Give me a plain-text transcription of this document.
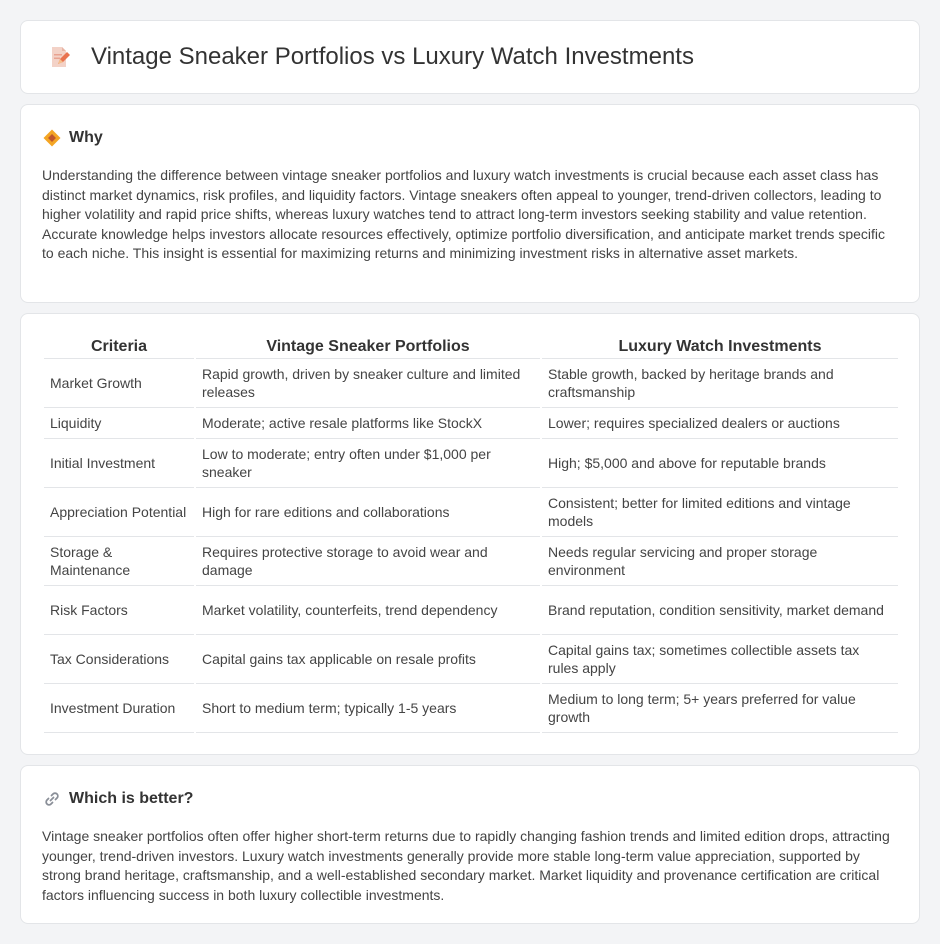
Vintage Sneaker Portfolios vs Luxury Watch Investments
Why

Understanding the difference between vintage sneaker portfolios and luxury watch investments is crucial because each asset class has distinct market dynamics, risk profiles, and liquidity factors. Vintage sneakers often appeal to younger, trend-driven collectors, leading to higher volatility and rapid price shifts, whereas luxury watches tend to attract long-term investors seeking stability and value retention. Accurate knowledge helps investors allocate resources effectively, optimize portfolio diversification, and anticipate market trends specific to each niche. This insight is essential for maximizing returns and minimizing investment risks in alternative asset markets.

Criteria	Vintage Sneaker Portfolios	Luxury Watch Investments
Market Growth	Rapid growth, driven by sneaker culture and limited releases	Stable growth, backed by heritage brands and craftsmanship
Liquidity	Moderate; active resale platforms like StockX	Lower; requires specialized dealers or auctions
Initial Investment	Low to moderate; entry often under $1,000 per sneaker	High; $5,000 and above for reputable brands
Appreciation Potential	High for rare editions and collaborations	Consistent; better for limited editions and vintage models
Storage & Maintenance	Requires protective storage to avoid wear and damage	Needs regular servicing and proper storage environment
Risk Factors	Market volatility, counterfeits, trend dependency	Brand reputation, condition sensitivity, market demand
Tax Considerations	Capital gains tax applicable on resale profits	Capital gains tax; sometimes collectible assets tax rules apply
Investment Duration	Short to medium term; typically 1-5 years	Medium to long term; 5+ years preferred for value growth
Which is better?

Vintage sneaker portfolios often offer higher short-term returns due to rapidly changing fashion trends and limited edition drops, attracting younger, trend-driven investors. Luxury watch investments generally provide more stable long-term value appreciation, supported by strong brand heritage, craftsmanship, and a well-established secondary market. Market liquidity and provenance certification are critical factors influencing success in both luxury collectible investments.
